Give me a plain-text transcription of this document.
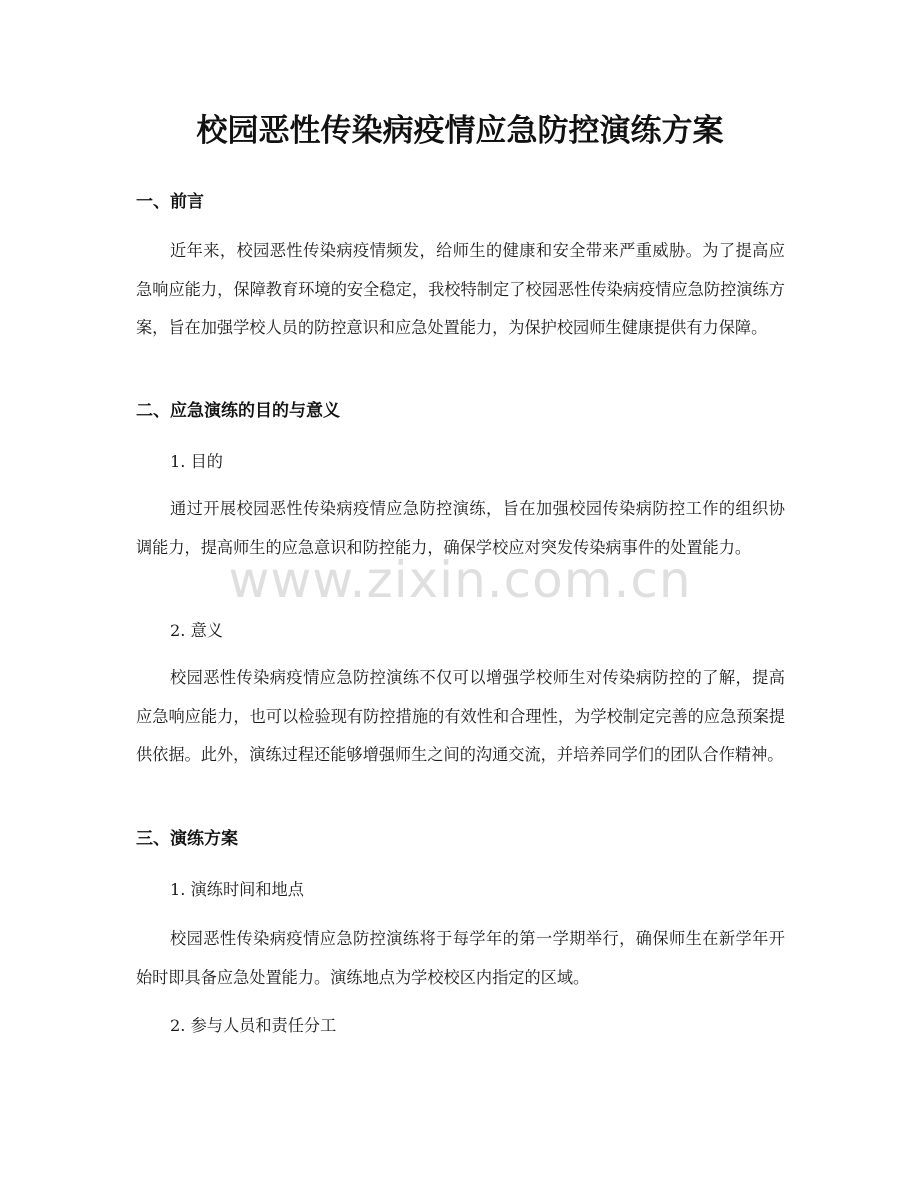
校园恶性传染病疫情应急防控演练方案
一、前言

近年来，校园恶性传染病疫情频发，给师生的健康和安全带来严重威胁。为了提高应急响应能力，保障教育环境的安全稳定，我校特制定了校园恶性传染病疫情应急防控演练方案，旨在加强学校人员的防控意识和应急处置能力，为保护校园师生健康提供有力保障。

二、应急演练的目的与意义

1. 目的

通过开展校园恶性传染病疫情应急防控演练，旨在加强校园传染病防控工作的组织协调能力，提高师生的应急意识和防控能力，确保学校应对突发传染病事件的处置能力。

www.zixin.com.cn

2. 意义

校园恶性传染病疫情应急防控演练不仅可以增强学校师生对传染病防控的了解，提高应急响应能力，也可以检验现有防控措施的有效性和合理性，为学校制定完善的应急预案提供依据。此外，演练过程还能够增强师生之间的沟通交流，并培养同学们的团队合作精神。

三、演练方案

1. 演练时间和地点

校园恶性传染病疫情应急防控演练将于每学年的第一学期举行，确保师生在新学年开始时即具备应急处置能力。演练地点为学校校区内指定的区域。

2. 参与人员和责任分工
